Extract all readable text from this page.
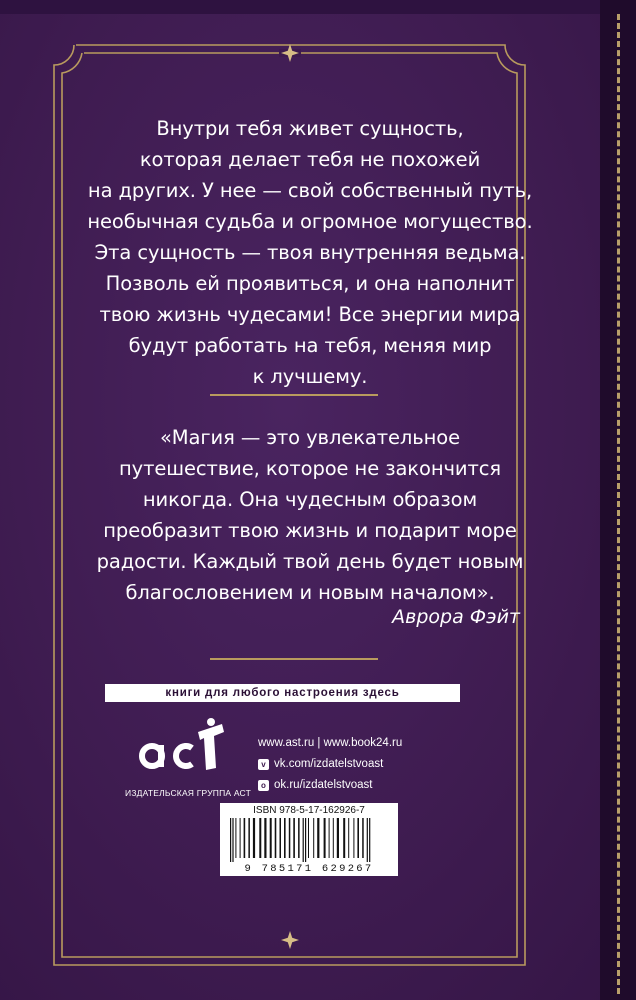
Внутри тебя живет сущность,
которая делает тебя не похожей
на других. У нее — свой собственный путь,
необычная судьба и огромное могущество.
Эта сущность — твоя внутренняя ведьма.
Позволь ей проявиться, и она наполнит
твою жизнь чудесами! Все энергии мира
будут работать на тебя, меняя мир
к лучшему.
«Магия — это увлекательное
путешествие, которое не закончится
никогда. Она чудесным образом
преобразит твою жизнь и подарит море
радости. Каждый твой день будет новым
благословением и новым началом».
Аврора Фэйт
книги для любого настроения здесь
ИЗДАТЕЛЬСКАЯ ГРУППА АСТ
www.ast.ru | www.book24.ru
v vk.com/izdatelstvoast
o ok.ru/izdatelstvoast
ISBN 978-5-17-162926-7
9 785171 629267
